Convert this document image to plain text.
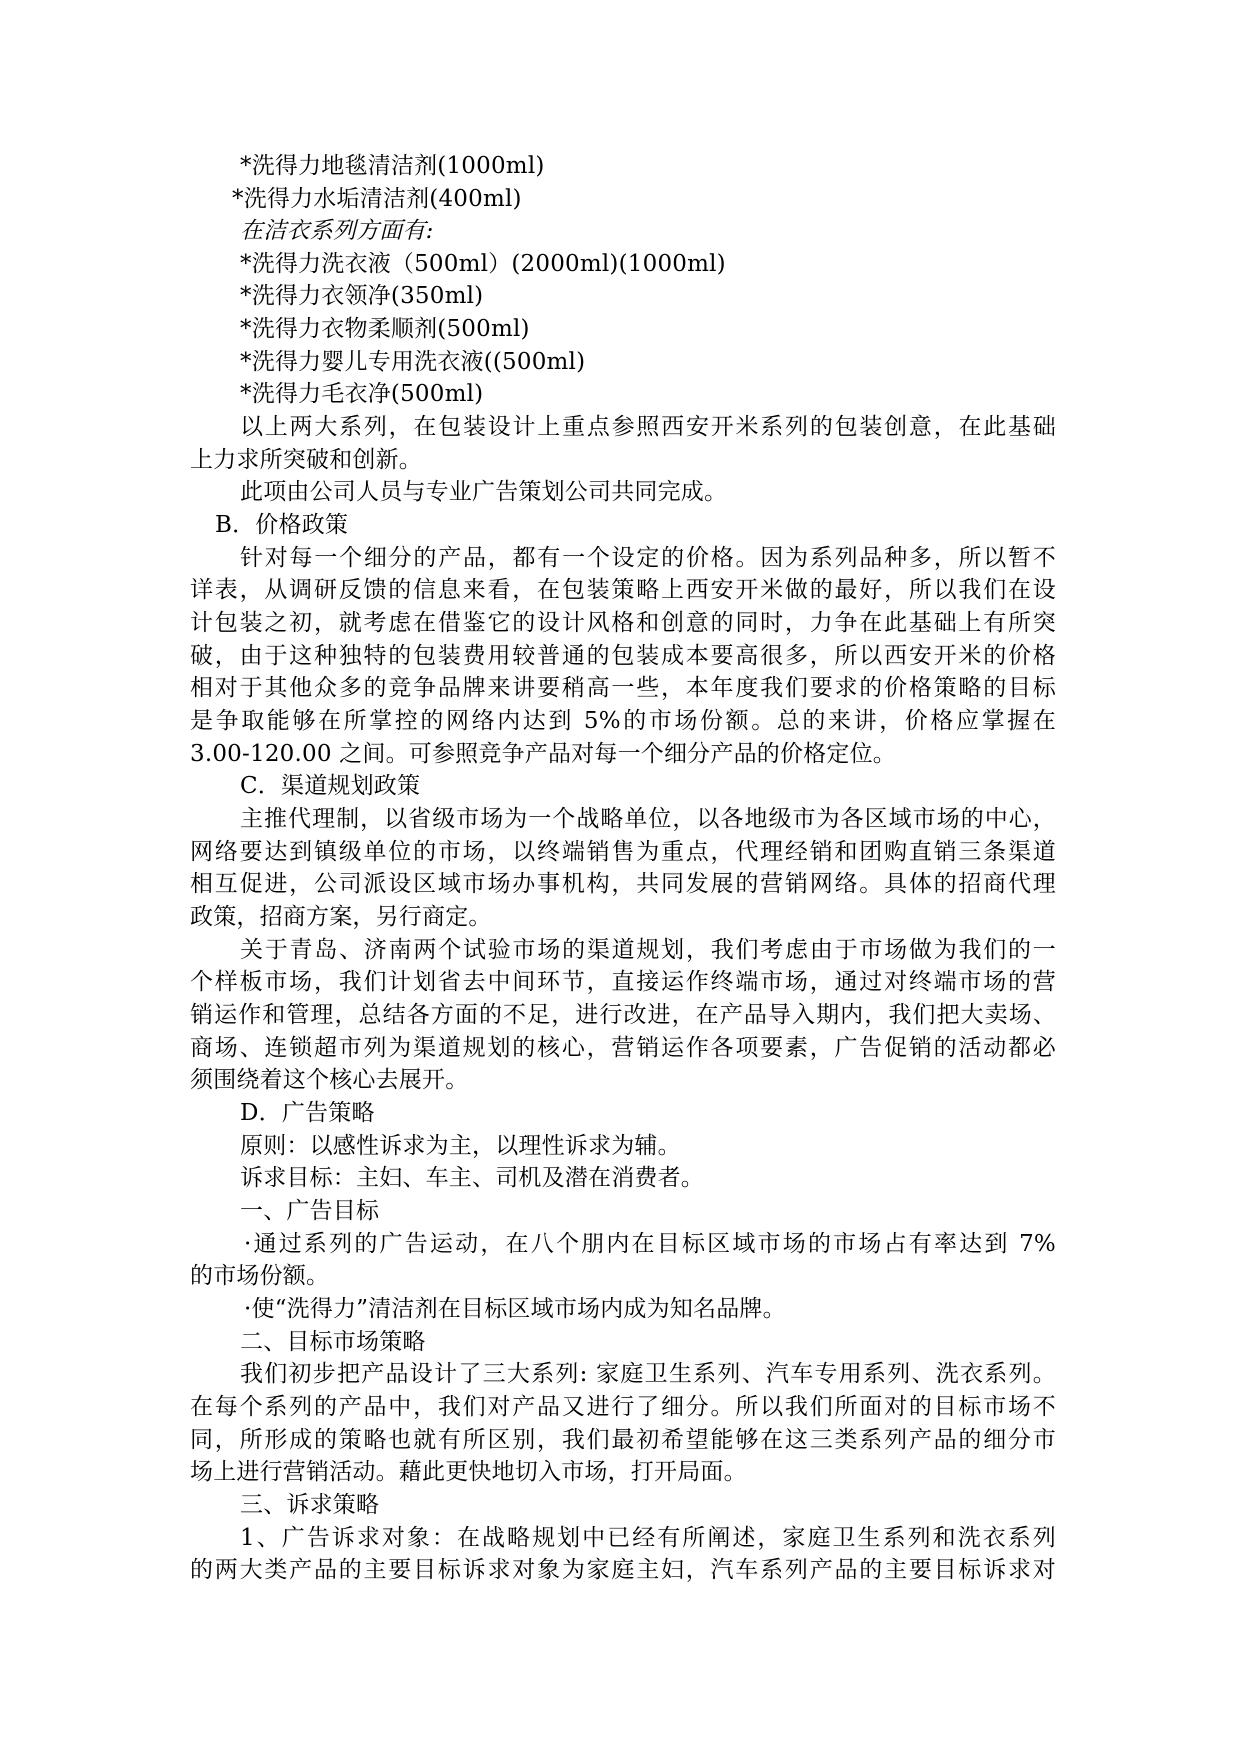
*洗得力地毯清洁剂(1000ml)
*洗得力水垢清洁剂(400ml)
在洁衣系列方面有:
*洗得力洗衣液（500ml）(2000ml)(1000ml)
*洗得力衣领净(350ml)
*洗得力衣物柔顺剂(500ml)
*洗得力婴儿专用洗衣液((500ml)
*洗得力毛衣净(500ml)
以上两大系列，在包装设计上重点参照西安开米系列的包装创意，在此基础
上力求所突破和创新。
此项由公司人员与专业广告策划公司共同完成。
B．价格政策
针对每一个细分的产品，都有一个设定的价格。因为系列品种多，所以暂不
详表，从调研反馈的信息来看，在包装策略上西安开米做的最好，所以我们在设
计包装之初，就考虑在借鉴它的设计风格和创意的同时，力争在此基础上有所突
破，由于这种独特的包装费用较普通的包装成本要高很多，所以西安开米的价格
相对于其他众多的竞争品牌来讲要稍高一些，本年度我们要求的价格策略的目标
是争取能够在所掌控的网络内达到 5%的市场份额。总的来讲，价格应掌握在
3.00-120.00 之间。可参照竞争产品对每一个细分产品的价格定位。
C．渠道规划政策
主推代理制，以省级市场为一个战略单位，以各地级市为各区域市场的中心，
网络要达到镇级单位的市场，以终端销售为重点，代理经销和团购直销三条渠道
相互促进，公司派设区域市场办事机构，共同发展的营销网络。具体的招商代理
政策，招商方案，另行商定。
关于青岛、济南两个试验市场的渠道规划，我们考虑由于市场做为我们的一
个样板市场，我们计划省去中间环节，直接运作终端市场，通过对终端市场的营
销运作和管理，总结各方面的不足，进行改进，在产品导入期内，我们把大卖场、
商场、连锁超市列为渠道规划的核心，营销运作各项要素，广告促销的活动都必
须围绕着这个核心去展开。
D．广告策略
原则：以感性诉求为主，以理性诉求为辅。
诉求目标：主妇、车主、司机及潜在消费者。
一、广告目标
·通过系列的广告运动，在八个朋内在目标区域市场的市场占有率达到 7%
的市场份额。
·使“洗得力”清洁剂在目标区域市场内成为知名品牌。
二、目标市场策略
我们初步把产品设计了三大系列: 家庭卫生系列、汽车专用系列、洗衣系列。
在每个系列的产品中，我们对产品又进行了细分。所以我们所面对的目标市场不
同，所形成的策略也就有所区别，我们最初希望能够在这三类系列产品的细分市
场上进行营销活动。藉此更快地切入市场，打开局面。
三、诉求策略
1、广告诉求对象：在战略规划中已经有所阐述，家庭卫生系列和洗衣系列
的两大类产品的主要目标诉求对象为家庭主妇，汽车系列产品的主要目标诉求对
